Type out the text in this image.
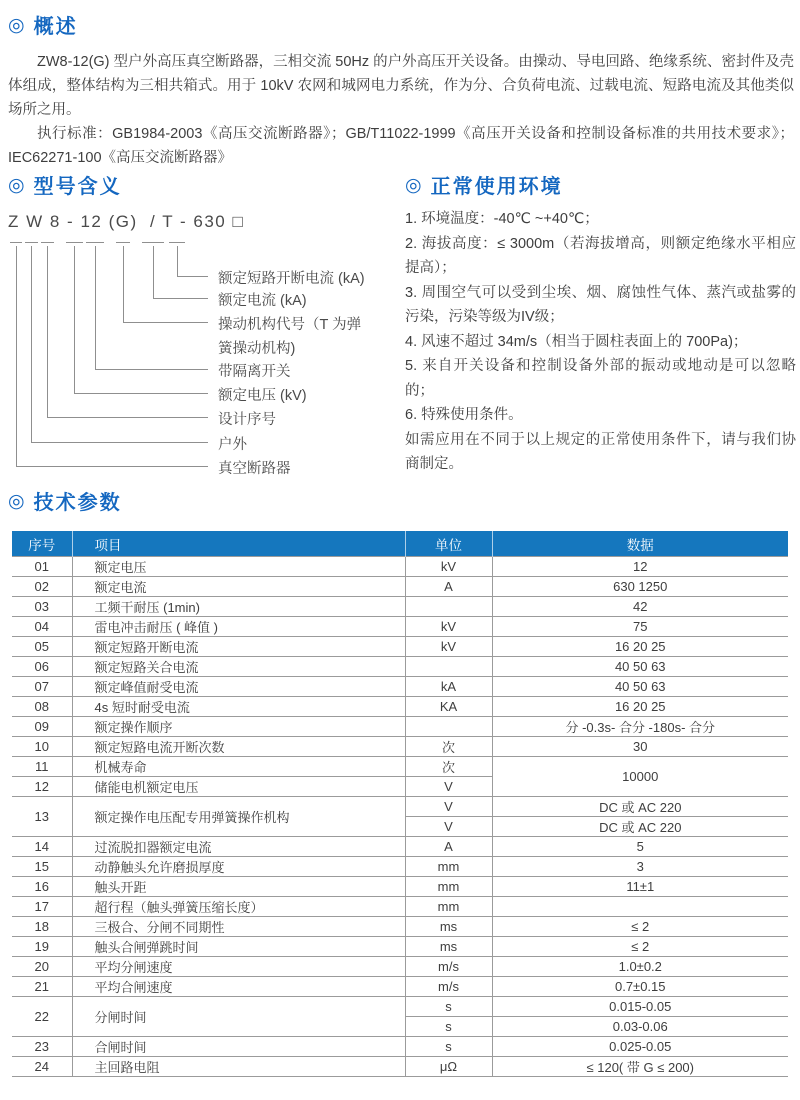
◎ 概述

ZW8-12(G) 型户外高压真空断路器，三相交流 50Hz 的户外高压开关设备。由操动、导电回路、绝缘系统、密封件及壳体组成，整体结构为三相共箱式。用于 10kV 农网和城网电力系统，作为分、合负荷电流、过载电流、短路电流及其他类似场所之用。

执行标准：GB1984-2003《高压交流断路器》；GB/T11022-1999《高压开关设备和控制设备标准的共用技术要求》；IEC62271-100《高压交流断路器》

◎ 型号含义
Z W 8 - 12 (G)  / T - 630 □
额定短路开断电流 (kA)
额定电流 (kA)
操动机构代号（T 为弹
簧操动机构)
带隔离开关
额定电压 (kV)
设计序号
户外
真空断路器
◎ 正常使用环境
1. 环境温度：-40℃ ~+40℃；
2. 海拔高度：≤ 3000m（若海拔增高，则额定绝缘水平相应提高）；
3. 周围空气可以受到尘埃、烟、腐蚀性气体、蒸汽或盐雾的污染，污染等级为IV级；
4. 风速不超过 34m/s（相当于圆柱表面上的 700Pa)；
5. 来自开关设备和控制设备外部的振动或地动是可以忽略的；
6. 特殊使用条件。
如需应用在不同于以上规定的正常使用条件下，请与我们协商制定。
◎ 技术参数
序号	项目	单位	数据
01	额定电压	kV	12
02	额定电流	A	630 1250
03	工频干耐压 (1min)		42
04	雷电冲击耐压 ( 峰值 )	kV	75
05	额定短路开断电流	kV	16 20 25
06	额定短路关合电流		40 50 63
07	额定峰值耐受电流	kA	40 50 63
08	4s 短时耐受电流	KA	16 20 25
09	额定操作顺序		分 -0.3s- 合分 -180s- 合分
10	额定短路电流开断次数	次	30
11	机械寿命	次	10000
12	储能电机额定电压	V	
13	额定操作电压配专用弹簧操作机构	V	DC 或 AC 220
		V	DC 或 AC 220
14	过流脱扣器额定电流	A	5
15	动静触头允许磨损厚度	mm	3
16	触头开距	mm	11±1
17	超行程（触头弹簧压缩长度）	mm	
18	三极合、分闸不同期性	ms	≤ 2
19	触头合闸弹跳时间	ms	≤ 2
20	平均分闸速度	m/s	1.0±0.2
21	平均合闸速度	m/s	0.7±0.15
22	分闸时间	s	0.015-0.05
		s	0.03-0.06
23	合闸时间	s	0.025-0.05
24	主回路电阻	μΩ	≤ 120( 带 G ≤ 200)
